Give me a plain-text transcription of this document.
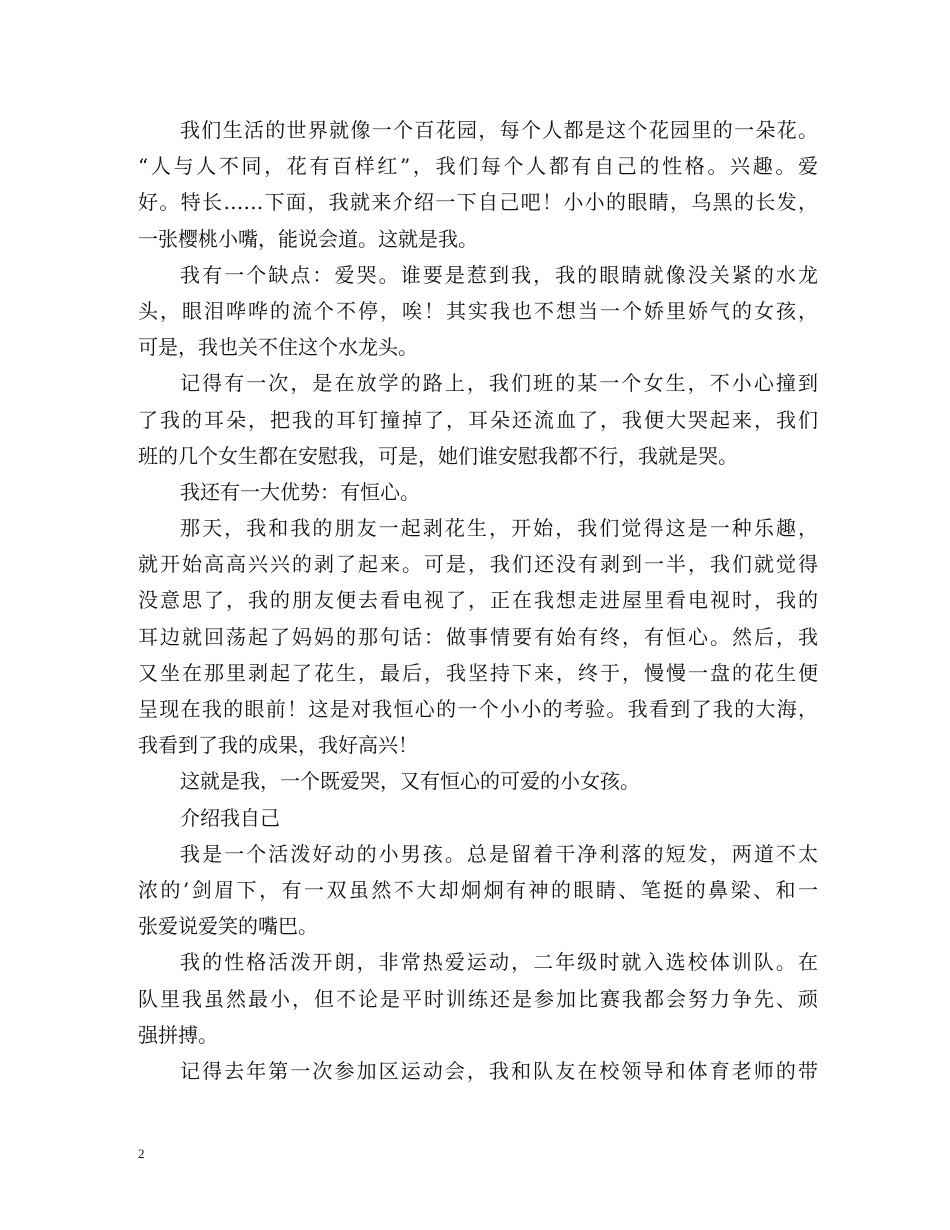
我们生活的世界就像一个百花园，每个人都是这个花园里的一朵花。
“人与人不同，花有百样红”，我们每个人都有自己的性格。兴趣。爱
好。特长……下面，我就来介绍一下自己吧！小小的眼睛，乌黑的长发，
一张樱桃小嘴，能说会道。这就是我。
我有一个缺点：爱哭。谁要是惹到我，我的眼睛就像没关紧的水龙
头，眼泪哗哗的流个不停，唉！其实我也不想当一个娇里娇气的女孩，
可是，我也关不住这个水龙头。
记得有一次，是在放学的路上，我们班的某一个女生，不小心撞到
了我的耳朵，把我的耳钉撞掉了，耳朵还流血了，我便大哭起来，我们
班的几个女生都在安慰我，可是，她们谁安慰我都不行，我就是哭。
我还有一大优势：有恒心。
那天，我和我的朋友一起剥花生，开始，我们觉得这是一种乐趣，
就开始高高兴兴的剥了起来。可是，我们还没有剥到一半，我们就觉得
没意思了，我的朋友便去看电视了，正在我想走进屋里看电视时，我的
耳边就回荡起了妈妈的那句话：做事情要有始有终，有恒心。然后，我
又坐在那里剥起了花生，最后，我坚持下来，终于，慢慢一盘的花生便
呈现在我的眼前！这是对我恒心的一个小小的考验。我看到了我的大海，
我看到了我的成果，我好高兴！
这就是我，一个既爱哭，又有恒心的可爱的小女孩。
介绍我自己
我是一个活泼好动的小男孩。总是留着干净利落的短发，两道不太
浓的’剑眉下，有一双虽然不大却炯炯有神的眼睛、笔挺的鼻梁、和一
张爱说爱笑的嘴巴。
我的性格活泼开朗，非常热爱运动，二年级时就入选校体训队。在
队里我虽然最小，但不论是平时训练还是参加比赛我都会努力争先、顽
强拼搏。
记得去年第一次参加区运动会，我和队友在校领导和体育老师的带
2
